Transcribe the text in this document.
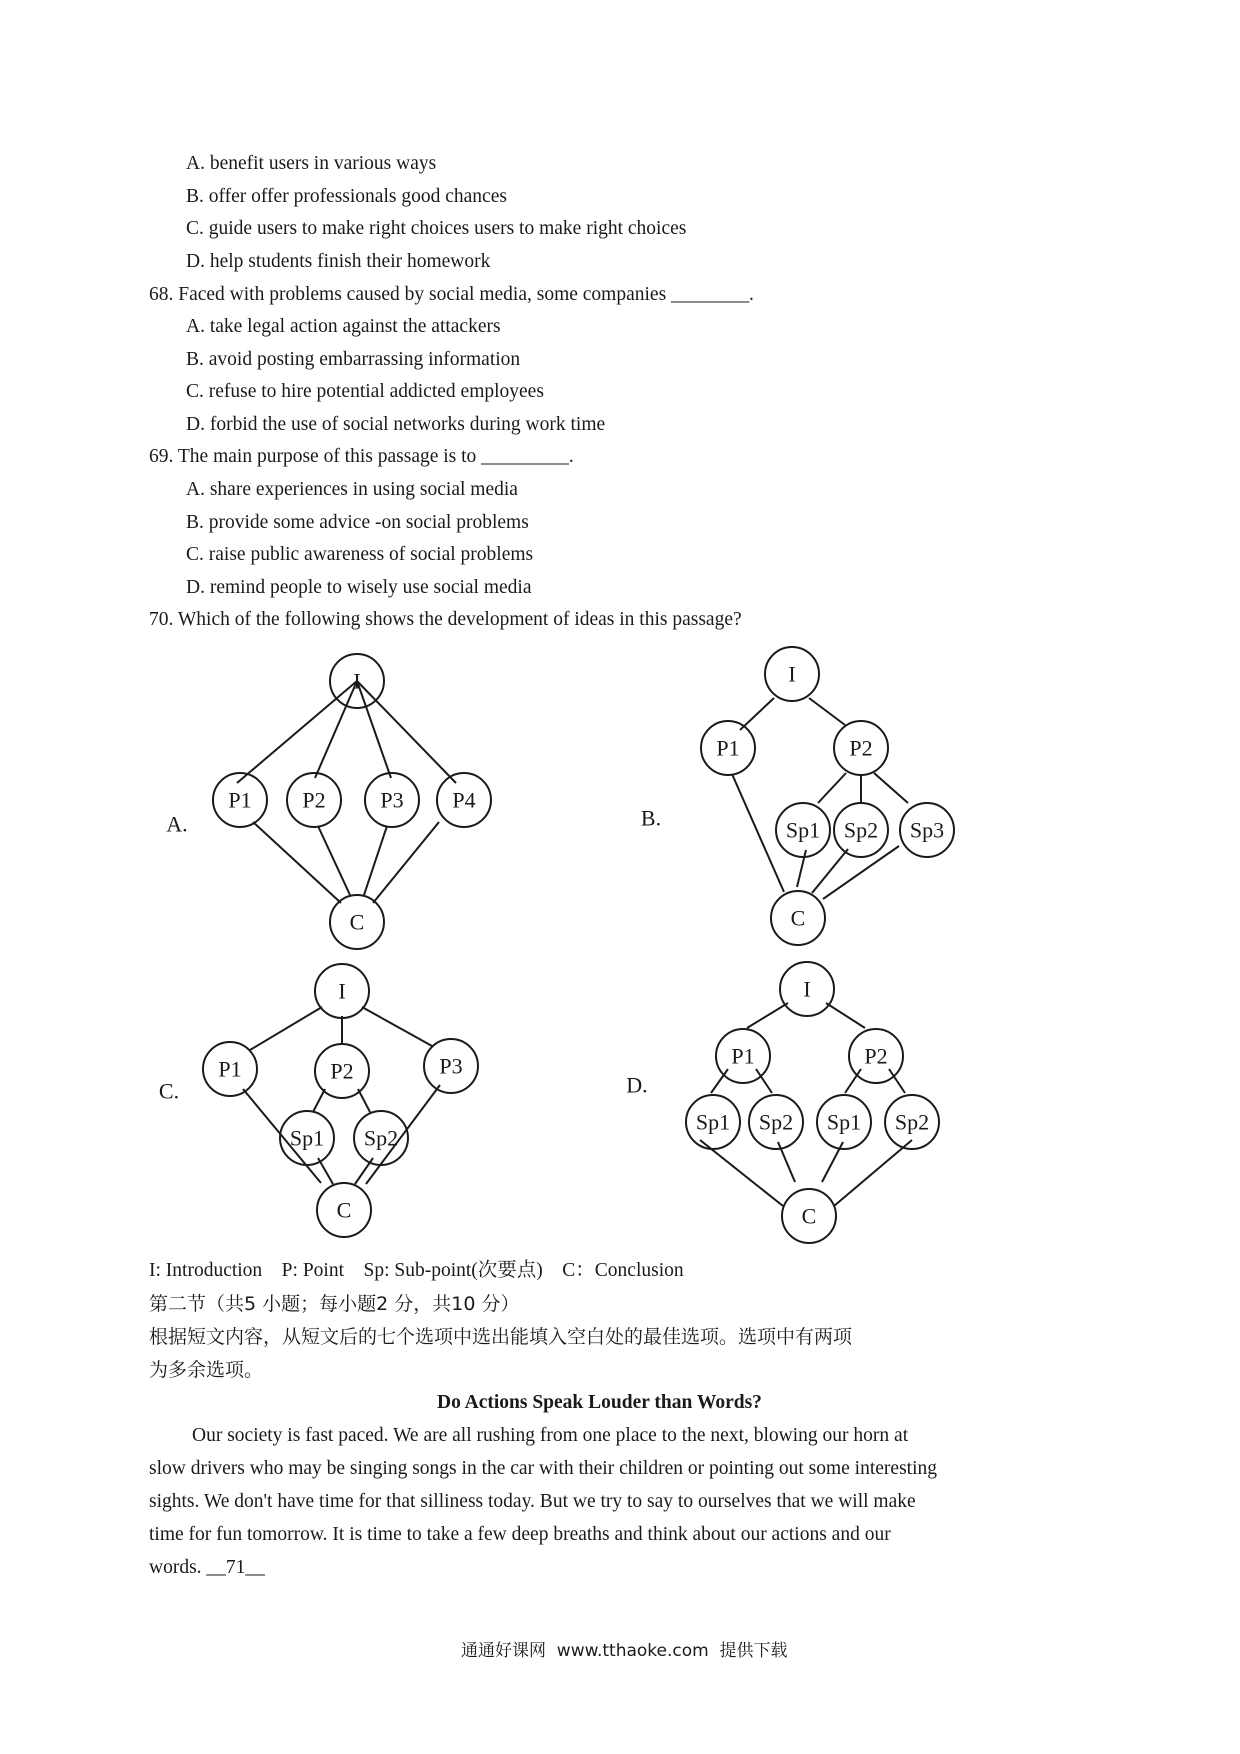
A. benefit users in various ways
B. offer offer professionals good chances
C. guide users to make right choices users to make right choices
D. help students finish their homework
68. Faced with problems caused by social media, some companies ________.
A. take legal action against the attackers
B. avoid posting embarrassing information
C. refuse to hire potential addicted employees
D. forbid the use of social networks during work time
69. The main purpose of this passage is to _________.
A. share experiences in using social media
B. provide some advice -on social problems
C. raise public awareness of social problems
D. remind people to wisely use social media
70. Which of the following shows the development of ideas in this passage?
A.
I
P1 P2 P3 P4
C
B.
I
P1	P2
Sp1 Sp2 Sp3
C
C.
I
P1	P2	P3
Sp1 Sp2
C
D.
I
P1	P2
Sp1 Sp2 Sp1 Sp2
C
I: Introduction    P: Point    Sp: Sub-point(次要点)    C：Conclusion
第二节（共5 小题；每小题2 分，共10 分）
根据短文内容，从短文后的七个选项中选出能填入空白处的最佳选项。选项中有两项
为多余选项。
Do Actions Speak Louder than Words?
Our society is fast paced. We are all rushing from one place to the next, blowing our horn at
slow drivers who may be singing songs in the car with their children or pointing out some interesting
sights. We don't have time for that silliness today. But we try to say to ourselves that we will make
time for fun tomorrow. It is time to take a few deep breaths and think about our actions and our
words. __71__
通通好课网  www.tthaoke.com  提供下载
